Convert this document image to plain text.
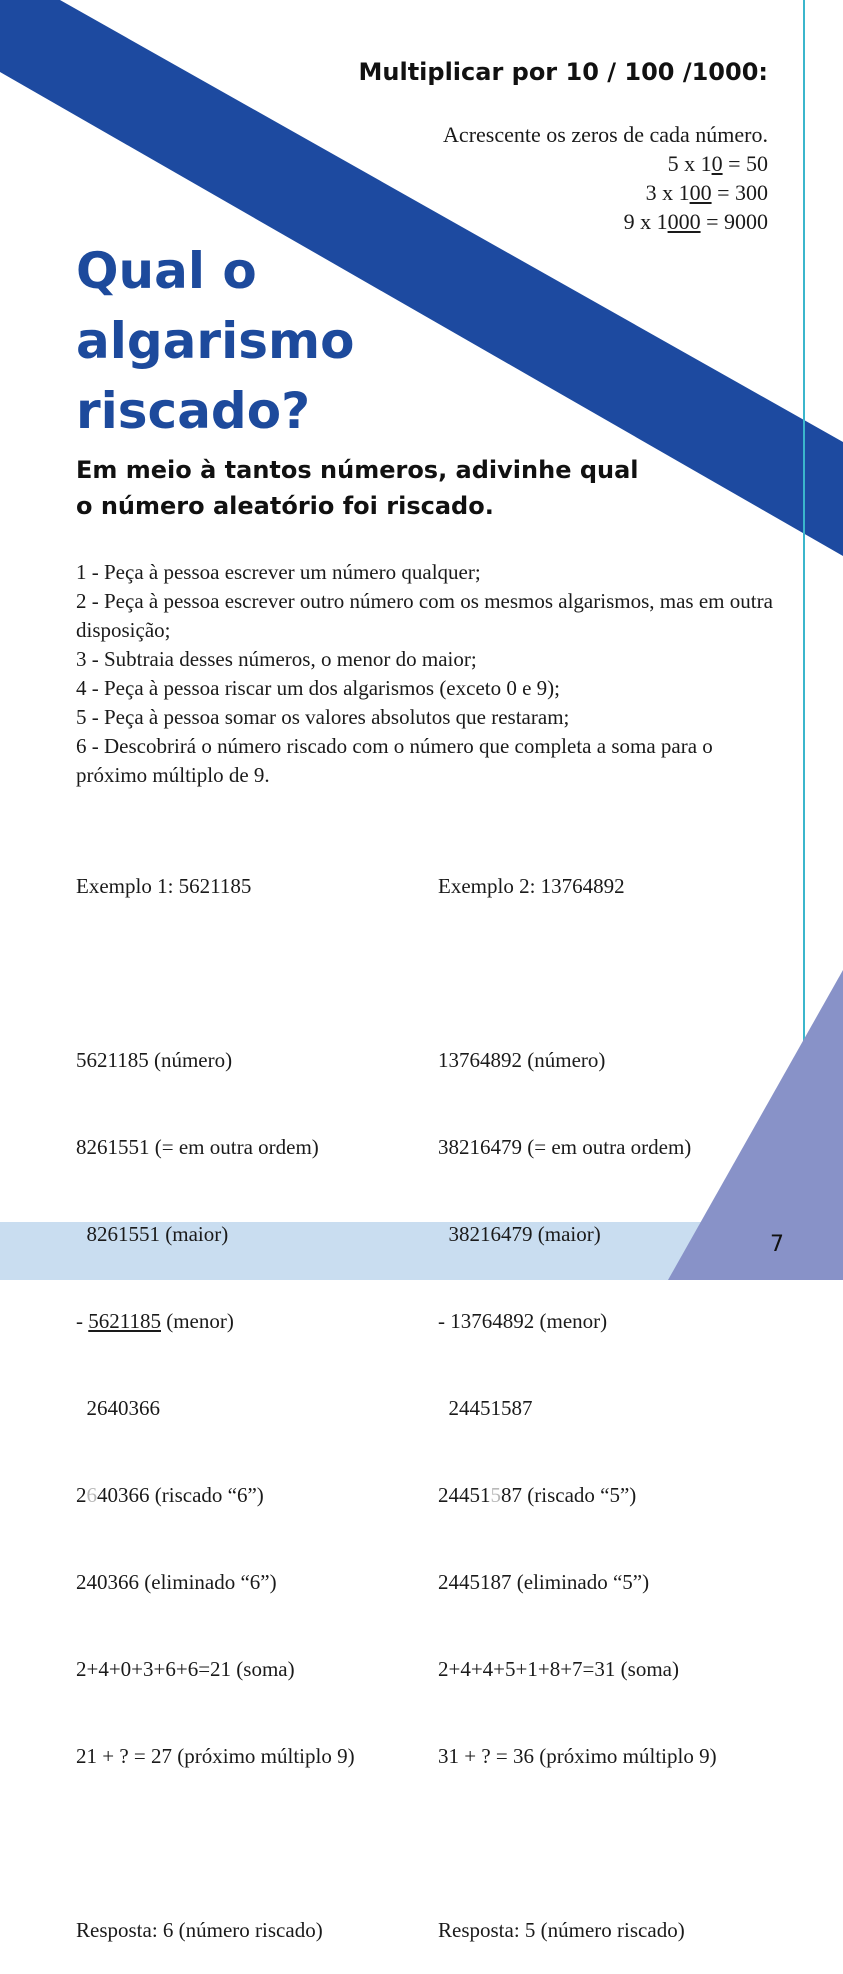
Multiplicar por 10 / 100 /1000:
Acrescente os zeros de cada número.
5 x 10 = 50
3 x 100 = 300
9 x 1000 = 9000
Qual o
algarismo
riscado?
Em meio à tantos números, adivinhe qual
o número aleatório foi riscado.
1 - Peça à pessoa escrever um número qualquer;
2 - Peça à pessoa escrever outro número com os mesmos algarismos, mas em outra disposição;
3 - Subtraia desses números, o menor do maior;
4 - Peça à pessoa riscar um dos algarismos (exceto 0 e 9);
5 - Peça à pessoa somar os valores absolutos que restaram;
6 - Descobrirá o número riscado com o número que completa a soma para o próximo múltiplo de 9.

Exemplo 1: 5621185

5621185 (número)

8261551 (= em outra ordem)

8261551 (maior)

- 5621185 (menor)

2640366

2640366 (riscado “6”)

240366 (eliminado “6”)

2+4+0+3+6+6=21 (soma)

21 + ? = 27 (próximo múltiplo 9)

Resposta: 6 (número riscado)

Exemplo 2: 13764892

13764892 (número)

38216479 (= em outra ordem)

38216479 (maior)

- 13764892 (menor)

24451587

24451587 (riscado “5”)

2445187 (eliminado “5”)

2+4+4+5+1+8+7=31 (soma)

31 + ? = 36 (próximo múltiplo 9)

Resposta: 5 (número riscado)

7
